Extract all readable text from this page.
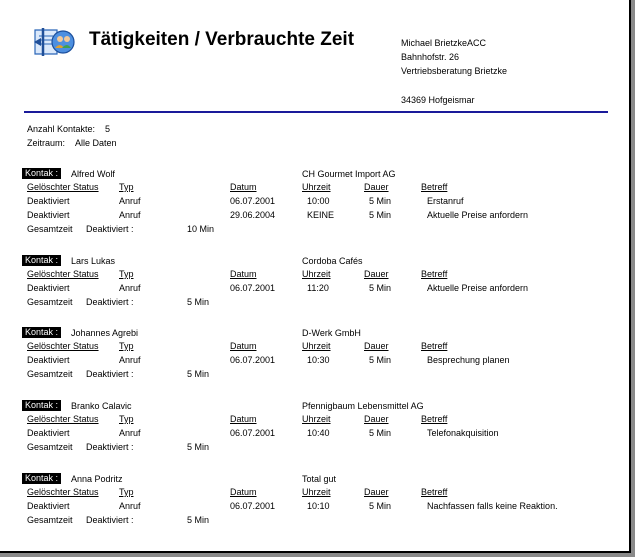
Tätigkeiten / Verbrauchte Zeit	Michael BrietzkeACC
Bahnhofstr. 26
Vertriebsberatung Brietzke
34369 Hofgeismar
Anzahl Kontakte: 5
Zeitraum: Alle Daten
Kontak :	Alfred Wolf	CH Gourmet Import AG
Gelöschter Status Typ	Datum	Uhrzeit	Dauer	Betreff
Deaktiviert	Anruf	06.07.2001	10:00	5 Min	Erstanruf
Deaktiviert	Anruf	29.06.2004	KEINE	5 Min	Aktuelle Preise anfordern
Gesamtzeit Deaktiviert :	10 Min
Kontak :	Lars Lukas	Cordoba Cafés
Gelöschter Status Typ	Datum	Uhrzeit	Dauer	Betreff
Deaktiviert	Anruf	06.07.2001	11:20	5 Min	Aktuelle Preise anfordern
Gesamtzeit Deaktiviert :	5 Min
Kontak :	Johannes Agrebi	D-Werk GmbH
Gelöschter Status Typ	Datum	Uhrzeit	Dauer	Betreff
Deaktiviert	Anruf	06.07.2001	10:30	5 Min	Besprechung planen
Gesamtzeit Deaktiviert :	5 Min
Kontak :	Branko Calavic	Pfennigbaum Lebensmittel AG
Gelöschter Status Typ	Datum	Uhrzeit	Dauer	Betreff
Deaktiviert	Anruf	06.07.2001	10:40	5 Min	Telefonakquisition
Gesamtzeit Deaktiviert :	5 Min
Kontak :	Anna Podritz	Total gut
Gelöschter Status Typ	Datum	Uhrzeit	Dauer	Betreff
Deaktiviert	Anruf	06.07.2001	10:10	5 Min	Nachfassen falls keine Reaktion.
Gesamtzeit Deaktiviert :	5 Min
